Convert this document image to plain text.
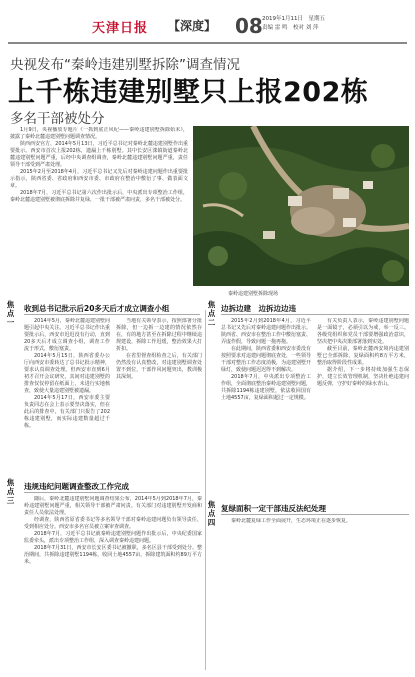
天津日报 【深度】 08 2019年1月11日　星期五
责编 雷 鸣　校对 刘 萍
央视发布“秦岭违建别墅拆除”调查情况
上千栋违建别墅只上报202栋
多名干部被处分

1月9日，央视播放专题片《一抓到底正风纪——秦岭违建别墅拆除始末》，披露了秦岭北麓违建别墅问题调查情况。

陕西西安官方，2014年5月13日，习近平总书记对秦岭北麓违建别墅作出重要批示。西安市首次上报202栋，遗漏上千栋别墅。其中长安区滦镇街道秦岭北麓违建别墅问题严重，后经中央调查组调查，秦岭北麓违建别墅问题严重，责任领导干部受到严肃处理。

2015年2月至2018年4月，习近平总书记又先后对秦岭违建问题作出重要批示指示，陕西省委、省政府和西安市委、市政府在整治中敷衍了事、做表面文章。

2018年7月，习近平总书记第六次作出批示后，中央派出专项整治工作组，秦岭北麓违建别墅被彻底拆除并复绿，一批干部被严肃问责，多名干部被处分。

秦岭违建别墅拆除现场
焦点一
收到总书记批示后20多天后才成立调查小组

2014年5月，秦岭北麓违建别墅问题引起中央关注。习近平总书记作出重要批示后，西安市迟迟没有行动，直到20多天后才成立调查小组，调查工作流于形式，敷衍塞责。

2014年5月15日，陕西省委办公厅向西安市委转达了总书记批示精神，要求认真调查处理。但西安市直到6月初才召开会议研究，其间对违建别墅的排查仅仅停留在纸面上，未进行实地核查，致使大量违建别墅被遗漏。

2014年5月17日，西安市委主要负责同志在会上表示要坚决落实，但在此后的排查中，有关部门只报告了202栋违建别墅，而实际违建数量超过千栋。

当地有关领导表示，按照部署分批拆除，但一边拆一边建的情况依然存在，有的地方甚至在拆除过程中继续违规建设，拆除工作迟缓，整治效果大打折扣。

在省里督查组检查之后，有关部门仍然没有认真整改，对违建别墅调查处置不到位，干部作风问题突出，教训极其深刻。

焦点三
违规违纪问题调查整改工作完成

随后，秦岭北麓违建别墅问题调查结果公布，2014年5月到2018年7月，秦岭违建别墅问题严重，相关领导干部被严肃问责。有关部门对违建别墅开发商和责任人员依法处理。

经调查，陕西省原省委书记等多名领导干部对秦岭违建问题负有领导责任，受到相应处分。西安市多名官员被立案审查调查。

2018年7月，习近平总书记就秦岭违建别墅问题作出批示后，中央纪委国家监委牵头，派出专项整治工作组，深入调查秦岭违建问题。

2018年7月31日，西安市长安区委书记被撤职，多名区县干部受到处分。整治期间，共拆除违建别墅1194栋，收回土地4557亩，拆除建筑面积约89万平方米。

焦点二
边拆边建　边拆边边违

2015年2月到2018年4月，习近平总书记又先后对秦岭违建问题作出批示。陕西省、西安市在整治工作中敷衍塞责、弄虚作假，导致问题一拖再拖。

在此期间，陕西省委和西安市委没有按照要求对违建问题彻底查处，一些领导干部对整治工作态度消极，为违建别墅开绿灯，致使问题迟迟得不到解决。

2018年7月，中央派出专项整治工作组，全面彻底整治秦岭违建别墅问题，共拆除1194栋违建别墅，依法收回国有土地4557亩，复绿面积超过一定规模。

有关负责人表示，秦岭违建别墅问题是一面镜子，必须引以为戒，举一反三。各级党组织和党员干部要增强政治意识，坚决把中央决策部署落到实处。

截至目前，秦岭北麓西安境内违建别墅已全部拆除，复绿面积约8万平方米，整治取得阶段性成果。

据介绍，下一步将持续加强生态保护，建立长效管理机制，坚决杜绝违建问题反弹，守护好秦岭的绿水青山。

焦点四
复绿面积一定干部违反法纪处理

秦岭北麓复绿工作全面展开，生态环境正在逐步恢复。
